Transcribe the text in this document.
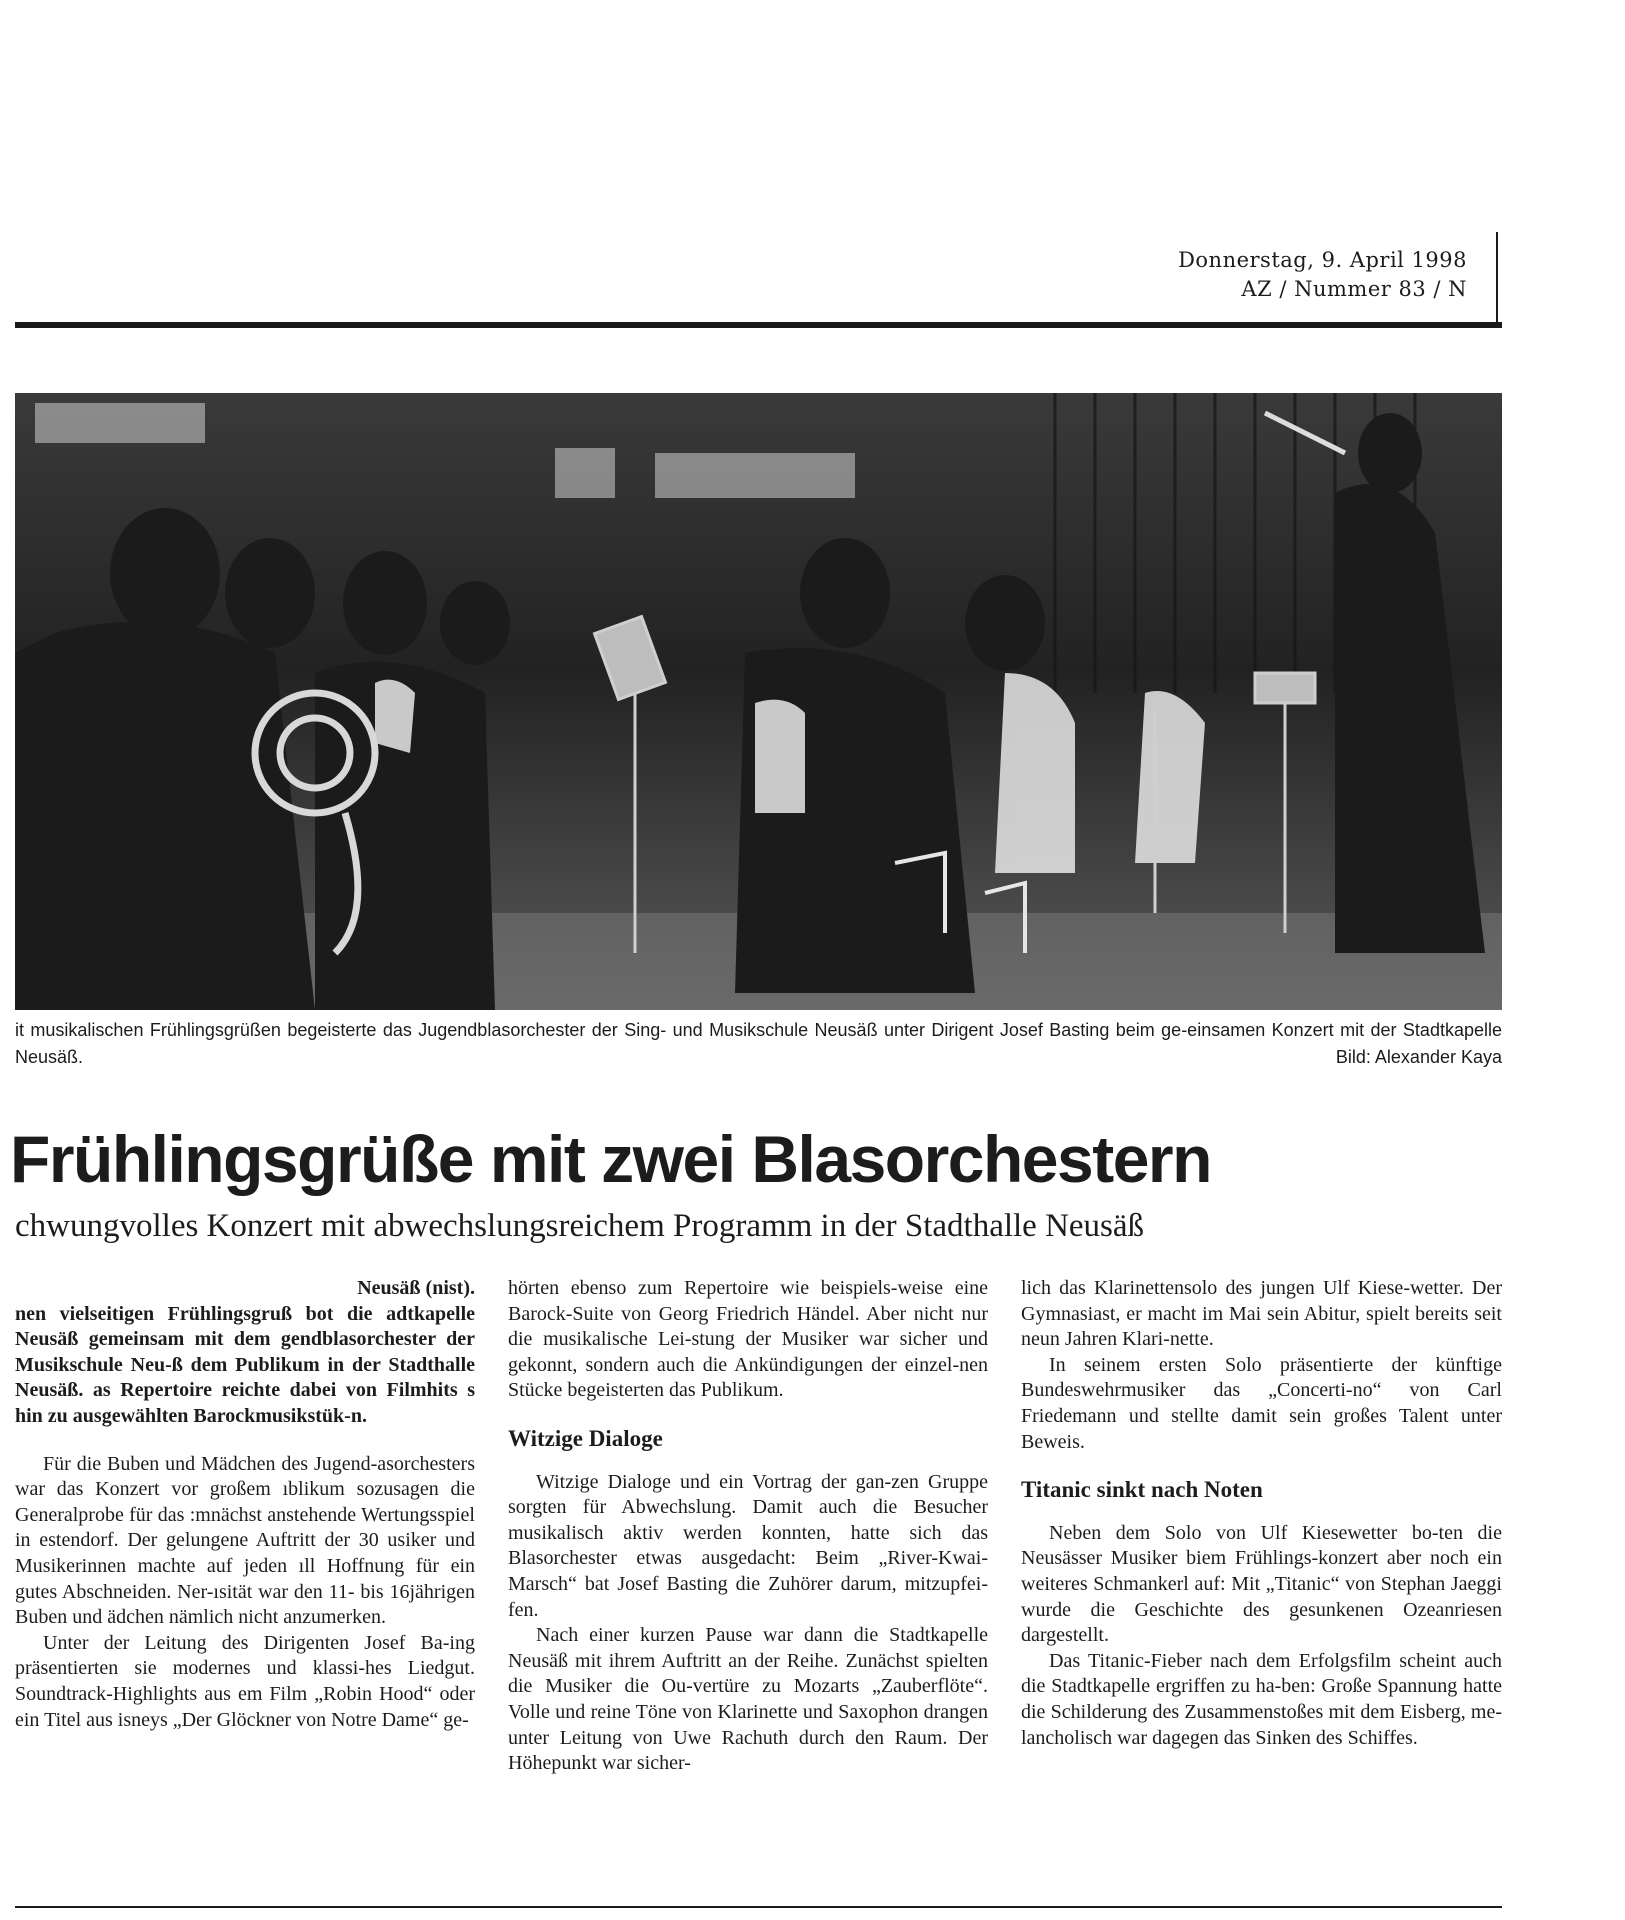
Donnerstag, 9. April 1998
AZ / Nummer 83 / N
it musikalischen Frühlingsgrüßen begeisterte das Jugendblasorchester der Sing- und Musikschule Neusäß unter Dirigent Josef Basting beim ge-einsamen Konzert mit der Stadtkapelle Neusäß.	Bild: Alexander Kaya
Frühlingsgrüße mit zwei Blasorchestern
chwungvolles Konzert mit abwechslungsreichem Programm in der Stadthalle Neusäß

Neusäß (nist).

nen vielseitigen Frühlingsgruß bot die adtkapelle Neusäß gemeinsam mit dem gendblasorchester der Musikschule Neu-ß dem Publikum in der Stadthalle Neusäß. as Repertoire reichte dabei von Filmhits s hin zu ausgewählten Barockmusikstük-n.

Für die Buben und Mädchen des Jugend-asorchesters war das Konzert vor großem ıblikum sozusagen die Generalprobe für das :mnächst anstehende Wertungsspiel in estendorf. Der gelungene Auftritt der 30 usiker und Musikerinnen machte auf jeden ıll Hoffnung für ein gutes Abschneiden. Ner-ısität war den 11- bis 16jährigen Buben und ädchen nämlich nicht anzumerken.

Unter der Leitung des Dirigenten Josef Ba-ing präsentierten sie modernes und klassi-hes Liedgut. Soundtrack-Highlights aus em Film „Robin Hood“ oder ein Titel aus isneys „Der Glöckner von Notre Dame“ ge-

hörten ebenso zum Repertoire wie beispiels-weise eine Barock-Suite von Georg Friedrich Händel. Aber nicht nur die musikalische Lei-stung der Musiker war sicher und gekonnt, sondern auch die Ankündigungen der einzel-nen Stücke begeisterten das Publikum.

Witzige Dialoge

Witzige Dialoge und ein Vortrag der gan-zen Gruppe sorgten für Abwechslung. Damit auch die Besucher musikalisch aktiv werden konnten, hatte sich das Blasorchester etwas ausgedacht: Beim „River-Kwai-Marsch“ bat Josef Basting die Zuhörer darum, mitzupfei-fen.

Nach einer kurzen Pause war dann die Stadtkapelle Neusäß mit ihrem Auftritt an der Reihe. Zunächst spielten die Musiker die Ou-vertüre zu Mozarts „Zauberflöte“. Volle und reine Töne von Klarinette und Saxophon drangen unter Leitung von Uwe Rachuth durch den Raum. Der Höhepunkt war sicher-

lich das Klarinettensolo des jungen Ulf Kiese-wetter. Der Gymnasiast, er macht im Mai sein Abitur, spielt bereits seit neun Jahren Klari-nette.

In seinem ersten Solo präsentierte der künftige Bundeswehrmusiker das „Concerti-no“ von Carl Friedemann und stellte damit sein großes Talent unter Beweis.

Titanic sinkt nach Noten

Neben dem Solo von Ulf Kiesewetter bo-ten die Neusässer Musiker biem Frühlings-konzert aber noch ein weiteres Schmankerl auf: Mit „Titanic“ von Stephan Jaeggi wurde die Geschichte des gesunkenen Ozeanriesen dargestellt.

Das Titanic-Fieber nach dem Erfolgsfilm scheint auch die Stadtkapelle ergriffen zu ha-ben: Große Spannung hatte die Schilderung des Zusammenstoßes mit dem Eisberg, me-lancholisch war dagegen das Sinken des Schiffes.
